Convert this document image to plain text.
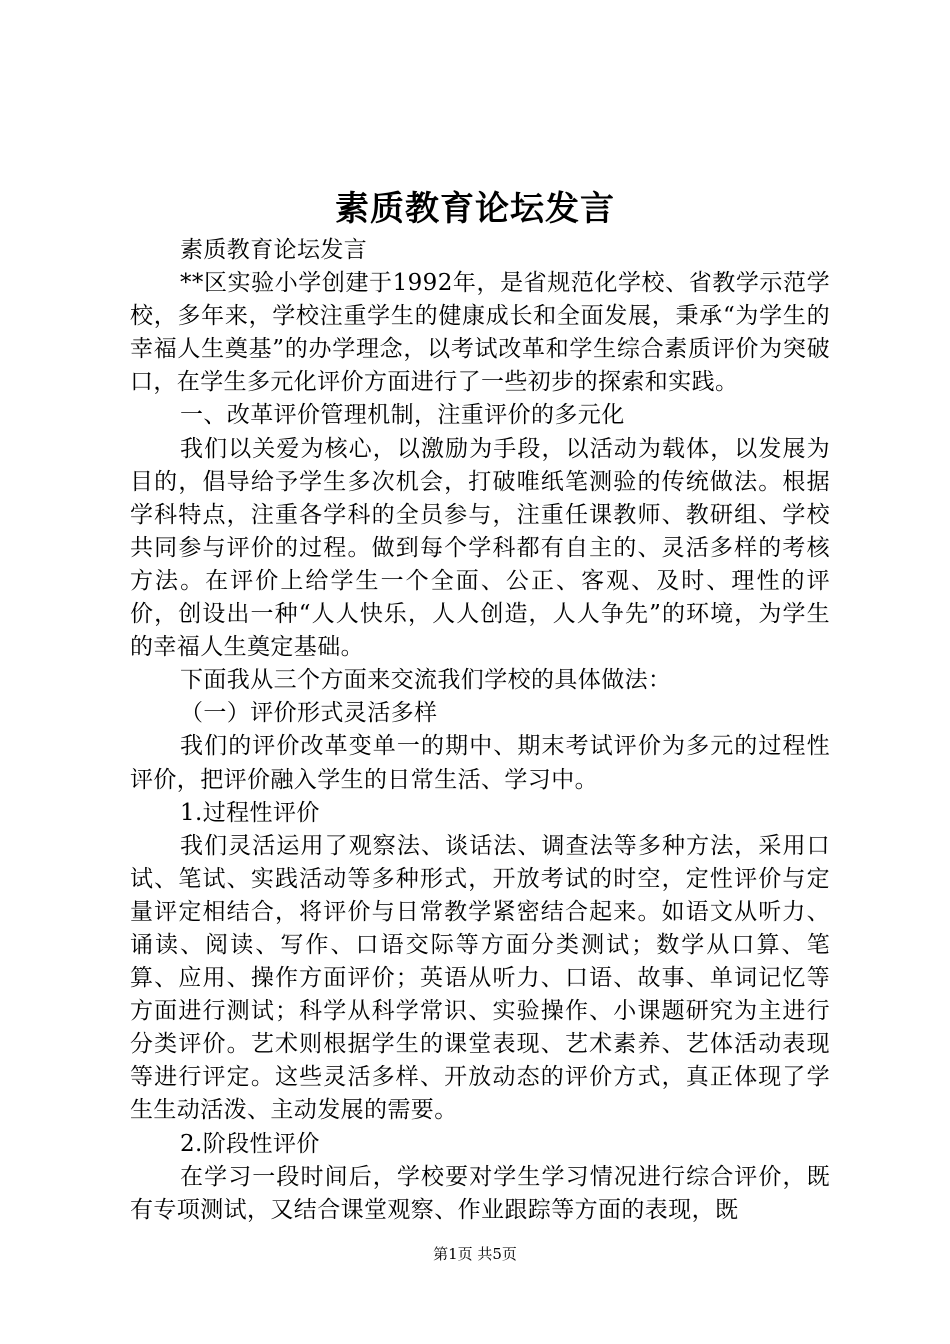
素质教育论坛发言

素质教育论坛发言

**区实验小学创建于1992年，是省规范化学校、省教学示范学校，多年来，学校注重学生的健康成长和全面发展，秉承“为学生的幸福人生奠基”的办学理念，以考试改革和学生综合素质评价为突破口，在学生多元化评价方面进行了一些初步的探索和实践。

一、改革评价管理机制，注重评价的多元化

我们以关爱为核心，以激励为手段，以活动为载体，以发展为目的，倡导给予学生多次机会，打破唯纸笔测验的传统做法。根据学科特点，注重各学科的全员参与，注重任课教师、教研组、学校共同参与评价的过程。做到每个学科都有自主的、灵活多样的考核方法。在评价上给学生一个全面、公正、客观、及时、理性的评价，创设出一种“人人快乐，人人创造，人人争先”的环境，为学生的幸福人生奠定基础。

下面我从三个方面来交流我们学校的具体做法：

（一）评价形式灵活多样

我们的评价改革变单一的期中、期末考试评价为多元的过程性评价，把评价融入学生的日常生活、学习中。

1.过程性评价

我们灵活运用了观察法、谈话法、调查法等多种方法，采用口试、笔试、实践活动等多种形式，开放考试的时空，定性评价与定量评定相结合，将评价与日常教学紧密结合起来。如语文从听力、诵读、阅读、写作、口语交际等方面分类测试；数学从口算、笔算、应用、操作方面评价；英语从听力、口语、故事、单词记忆等方面进行测试；科学从科学常识、实验操作、小课题研究为主进行分类评价。艺术则根据学生的课堂表现、艺术素养、艺体活动表现等进行评定。这些灵活多样、开放动态的评价方式，真正体现了学生生动活泼、主动发展的需要。

2.阶段性评价

在学习一段时间后，学校要对学生学习情况进行综合评价，既有专项测试，又结合课堂观察、作业跟踪等方面的表现，既

第1页 共5页
